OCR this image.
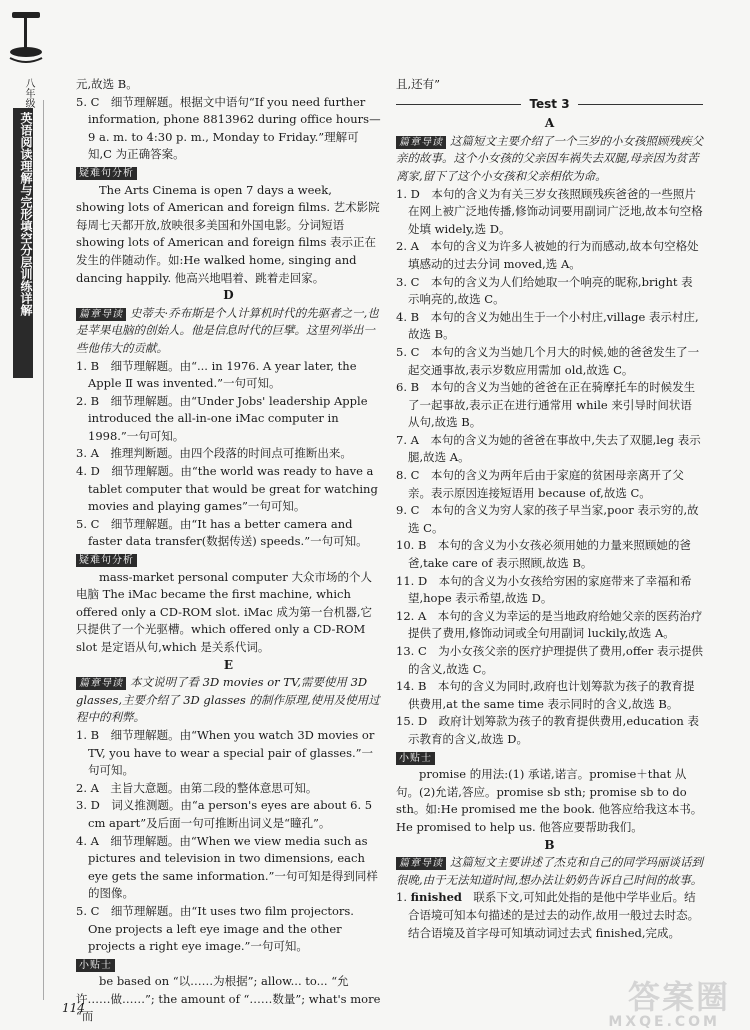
八年级
英语阅读理解与完形填空分层训练详解

元,故选 B。

5. C　细节理解题。根据文中语句“If you need further information, phone 8813962 during office hours—9 a. m. to 4:30 p. m., Monday to Friday.”理解可知,C 为正确答案。

疑难句分析

The Arts Cinema is open 7 days a week, showing lots of American and foreign films. 艺术影院每周七天都开放,放映很多美国和外国电影。分词短语 showing lots of American and foreign films 表示正在发生的伴随动作。如:He walked home, singing and dancing happily. 他高兴地唱着、跳着走回家。

D

篇章导读 史蒂夫·乔布斯是个人计算机时代的先驱者之一,也是苹果电脑的创始人。他是信息时代的巨擘。这里列举出一些他伟大的贡献。

1. B　细节理解题。由“... in 1976. A year later, the Apple Ⅱ was invented.”一句可知。

2. B　细节理解题。由“Under Jobs' leadership Apple introduced the all-in-one iMac computer in 1998.”一句可知。

3. A　推理判断题。由四个段落的时间点可推断出来。

4. D　细节理解题。由“the world was ready to have a tablet computer that would be great for watching movies and playing games”一句可知。

5. C　细节理解题。由“It has a better camera and faster data transfer(数据传送) speeds.”一句可知。

疑难句分析

mass-market personal computer 大众市场的个人电脑 The iMac became the first machine, which offered only a CD-ROM slot. iMac 成为第一台机器,它只提供了一个光驱槽。which offered only a CD-ROM slot 是定语从句,which 是关系代词。

E

篇章导读 本文说明了看 3D movies or TV,需要使用 3D glasses,主要介绍了 3D glasses 的制作原理,使用及使用过程中的利弊。

1. B　细节理解题。由“When you watch 3D movies or TV, you have to wear a special pair of glasses.”一句可知。

2. A　主旨大意题。由第二段的整体意思可知。

3. D　词义推测题。由“a person's eyes are about 6. 5 cm apart”及后面一句可推断出词义是“瞳孔”。

4. A　细节理解题。由“When we view media such as pictures and television in two dimensions, each eye gets the same information.”一句可知是得到同样的图像。

5. C　细节理解题。由“It uses two film projectors. One projects a left eye image and the other projects a right eye image.”一句可知。

小贴士

be based on “以……为根据”; allow... to... “允许……做……”; the amount of “……数量”; what's more “而

且,还有”

Test 3

A

篇章导读 这篇短文主要介绍了一个三岁的小女孩照顾残疾父亲的故事。这个小女孩的父亲因车祸失去双腿,母亲因为贫苦离家,留下了这个小女孩和父亲相依为命。

1. D　本句的含义为有关三岁女孩照顾残疾爸爸的一些照片在网上被广泛地传播,修饰动词要用副词广泛地,故本句空格处填 widely,选 D。

2. A　本句的含义为许多人被她的行为而感动,故本句空格处填感动的过去分词 moved,选 A。

3. C　本句的含义为人们给她取一个响亮的昵称,bright 表示响亮的,故选 C。

4. B　本句的含义为她出生于一个小村庄,village 表示村庄,故选 B。

5. C　本句的含义为当她几个月大的时候,她的爸爸发生了一起交通事故,表示岁数应用需加 old,故选 C。

6. B　本句的含义为当她的爸爸在正在骑摩托车的时候发生了一起事故,表示正在进行通常用 while 来引导时间状语从句,故选 B。

7. A　本句的含义为她的爸爸在事故中,失去了双腿,leg 表示腿,故选 A。

8. C　本句的含义为两年后由于家庭的贫困母亲离开了父亲。表示原因连接短语用 because of,故选 C。

9. C　本句的含义为穷人家的孩子早当家,poor 表示穷的,故选 C。

10. B　本句的含义为小女孩必须用她的力量来照顾她的爸爸,take care of 表示照顾,故选 B。

11. D　本句的含义为小女孩给穷困的家庭带来了幸福和希望,hope 表示希望,故选 D。

12. A　本句的含义为幸运的是当地政府给她父亲的医药治疗提供了费用,修饰动词或全句用副词 luckily,故选 A。

13. C　为小女孩父亲的医疗护理提供了费用,offer 表示提供的含义,故选 C。

14. B　本句的含义为同时,政府也计划筹款为孩子的教育提供费用,at the same time 表示同时的含义,故选 B。

15. D　政府计划筹款为孩子的教育提供费用,education 表示教育的含义,故选 D。

小贴士

promise 的用法:(1) 承诺,诺言。promise＋that 从句。(2)允诺,答应。promise sb sth; promise sb to do sth。如:He promised me the book. 他答应给我这本书。He promised to help us. 他答应要帮助我们。

B

篇章导读 这篇短文主要讲述了杰克和自己的同学玛丽谈话到很晚,由于无法知道时间,想办法让奶奶告诉自己时间的故事。

1. finished　联系下文,可知此处指的是他中学毕业后。结合语境可知本句描述的是过去的动作,故用一般过去时态。结合语境及首字母可知填动词过去式 finished,完成。

114	答案圈
MXQE.COM
